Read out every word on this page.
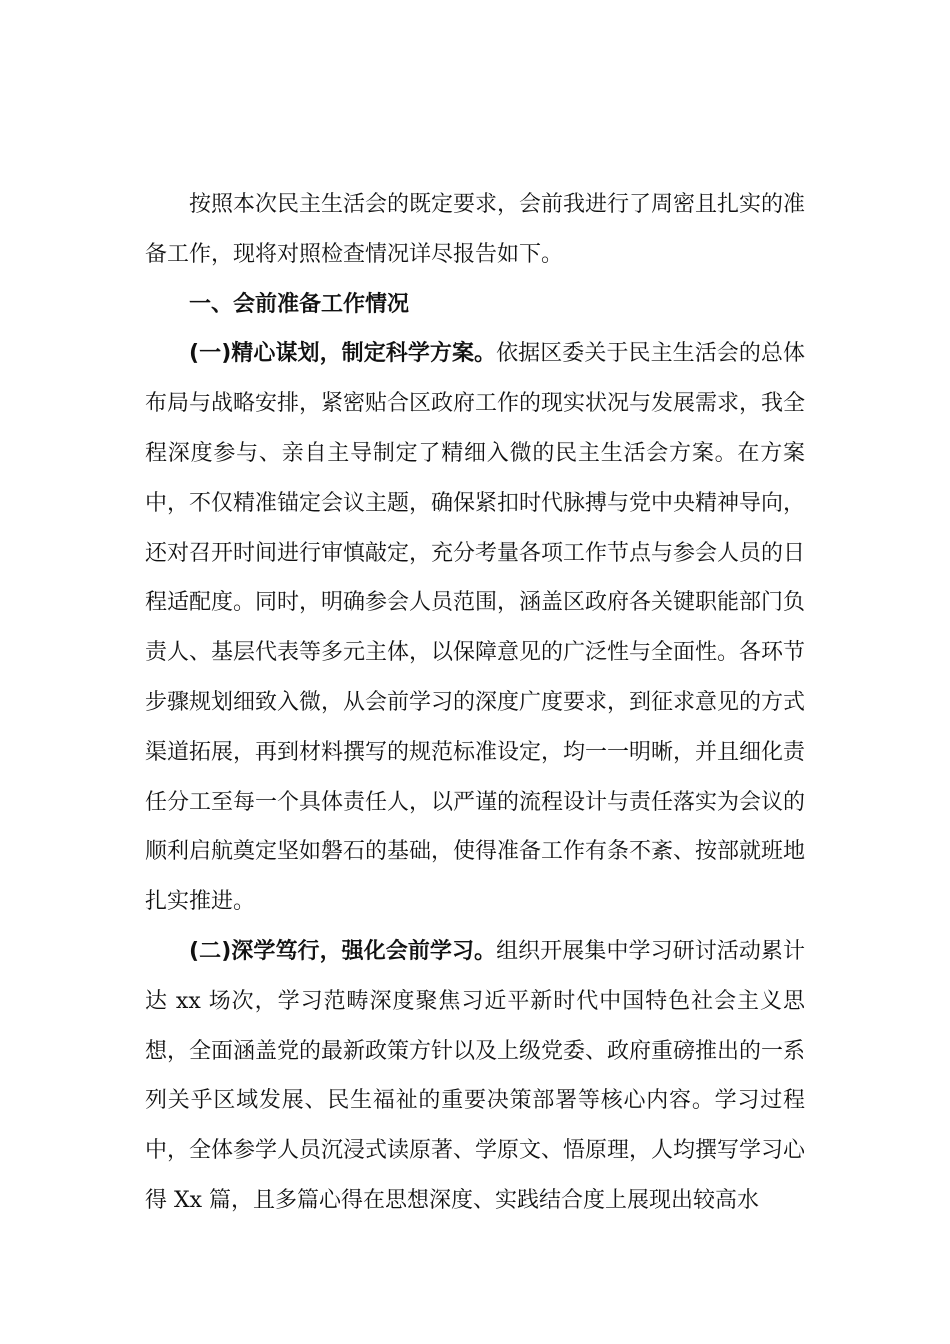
按照本次民主生活会的既定要求，会前我进行了周密且扎实的准备工作，现将对照检查情况详尽报告如下。

一、会前准备工作情况

(一)精心谋划，制定科学方案。依据区委关于民主生活会的总体布局与战略安排，紧密贴合区政府工作的现实状况与发展需求，我全程深度参与、亲自主导制定了精细入微的民主生活会方案。在方案中，不仅精准锚定会议主题，确保紧扣时代脉搏与党中央精神导向，还对召开时间进行审慎敲定，充分考量各项工作节点与参会人员的日程适配度。同时，明确参会人员范围，涵盖区政府各关键职能部门负责人、基层代表等多元主体，以保障意见的广泛性与全面性。各环节步骤规划细致入微，从会前学习的深度广度要求，到征求意见的方式渠道拓展，再到材料撰写的规范标准设定，均一一明晰，并且细化责任分工至每一个具体责任人，以严谨的流程设计与责任落实为会议的顺利启航奠定坚如磐石的基础，使得准备工作有条不紊、按部就班地扎实推进。

(二)深学笃行，强化会前学习。组织开展集中学习研讨活动累计达 xx 场次，学习范畴深度聚焦习近平新时代中国特色社会主义思想，全面涵盖党的最新政策方针以及上级党委、政府重磅推出的一系列关乎区域发展、民生福祉的重要决策部署等核心内容。学习过程中，全体参学人员沉浸式读原著、学原文、悟原理，人均撰写学习心得 Xx 篇，且多篇心得在思想深度、实践结合度上展现出较高水
